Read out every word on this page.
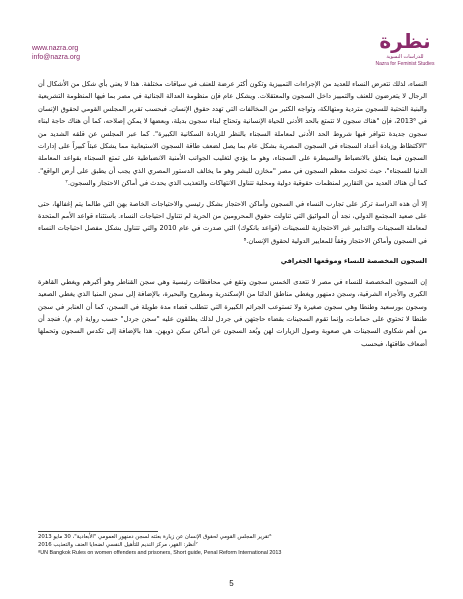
www.nazra.org
info@nazra.org
نظرة
للدراسات النسوية
Nazra for Feminist Studies

النساء، لذلك تتعرض النساء للعديد من الإجراءات التمييزية وتكون أكثر عرضة للعنف في سياقات مختلفة. هذا لا يعني بأي شكل من الأشكال أن الرجال لا يتعرضون للعنف والتمييز داخل السجون والمعتقلات. ويشكل عام فإن منظومة العدالة الجنائية في مصر بما فيها المنظومة التشريعية والبنية التحتية للسجون متردية ومتهالكة، وتواجه الكثير من المخالفات التي تهدد حقوق الإنسان. فبحسب تقرير المجلس القومي لحقوق الإنسان في 2013⁶، فإن "هناك سجون لا تتمتع بالحد الأدنى للحياة الإنسانية وتحتاج لبناء سجون بديلة، وبعضها لا يمكن إصلاحه، كما أن هناك حاجة لبناء سجون جديدة تتوافر فيها شروط الحد الأدنى لمعاملة السجناء بالنظر للزيادة السكانية الكبيرة". كما عبر المجلس عن قلقه الشديد من "الاكتظاظ وزيادة أعداد السجناء في السجون المصرية بشكل عام بما يصل لضعف طاقة السجون الاستيعابية مما يشكل عبئاً كبيراً على إدارات السجون فيما يتعلق بالانضباط والسيطرة على السجناء، وهو ما يؤدي لتغليب الجوانب الأمنية الانضباطية على تمتع السجناء بقواعد المعاملة الدنيا للسجناء"، حيث تحولت معظم السجون في مصر "مخازن للبشر وهو ما يخالف الدستور المصري الذي يجب أن يطبق على أرض الواقع". كما أن هناك العديد من التقارير لمنظمات حقوقية دولية ومحلية تتناول الانتهاكات والتعذيب الذي يحدث في أماكن الاحتجاز والسجون.⁷

إلا أن هذه الدراسة تركز على تجارب النساء في السجون وأماكن الاحتجاز بشكل رئيسي والاحتياجات الخاصة بهن التي طالما يتم إغفالها، حتى على صعيد المجتمع الدولي، نجد أن المواثيق التي تناولت حقوق المحرومين من الحرية لم تتناول احتياجات النساء. باستثناء قواعد الأمم المتحدة لمعاملة السجينات والتدابير غير الاحتجازية للسجينات (قواعد بانكوك) التي صدرت في عام 2010 والتي تتناول بشكل مفصل احتياجات النساء في السجون وأماكن الاحتجاز وفقاً للمعايير الدولية لحقوق الإنسان.⁸

السجون المخصصة للنساء وموقعها الجغرافي

إن السجون المخصصة للنساء في مصر لا تتعدى الخمس سجون وتقع في محافظات رئيسية وهي سجن القناطر وهو أكبرهم ويغطي القاهرة الكبرى والأجزاء الشرقية، وسجن دمنهور ويغطي مناطق الدلتا من الإسكندرية ومطروح والبحيرة، بالإضافة إلى سجن المنيا الذي يغطي الصعيد وسجون بورسعيد وطنطا وهي سجون صغيرة ولا تستوعب الجرائم الكبيرة التي تتطلب قضاء مدة طويلة في السجن، كما أن العنابر في سجن طنطا لا تحتوي على حمامات، وإنما تقوم السجينات بقضاء حاجتهن في جردل لذلك يطلقون عليه "سجن جردل" حسب رواية (م. م). فنجد أن من أهم شكاوى السجينات هي صعوبة وصول الزيارات لهن وبُعد السجون عن أماكن سكن ذويهن. هذا بالإضافة إلى تكدس السجون وتحملها أضعاف طاقتها، فبحسب

⁶تقرير المجلس القومي لحقوق الإنسان عن زيارة بعثته لسجن دمنهور العمومي "الأبعادية"، 30 مايو 2013
⁷أنظر: القهر، مركز النديم للتأهيل النفسي لضحايا العنف والتعذيب 2016
⁸UN Bangkok Rules on women offenders and prisoners, Short guide, Penal Reform International 2013
5
